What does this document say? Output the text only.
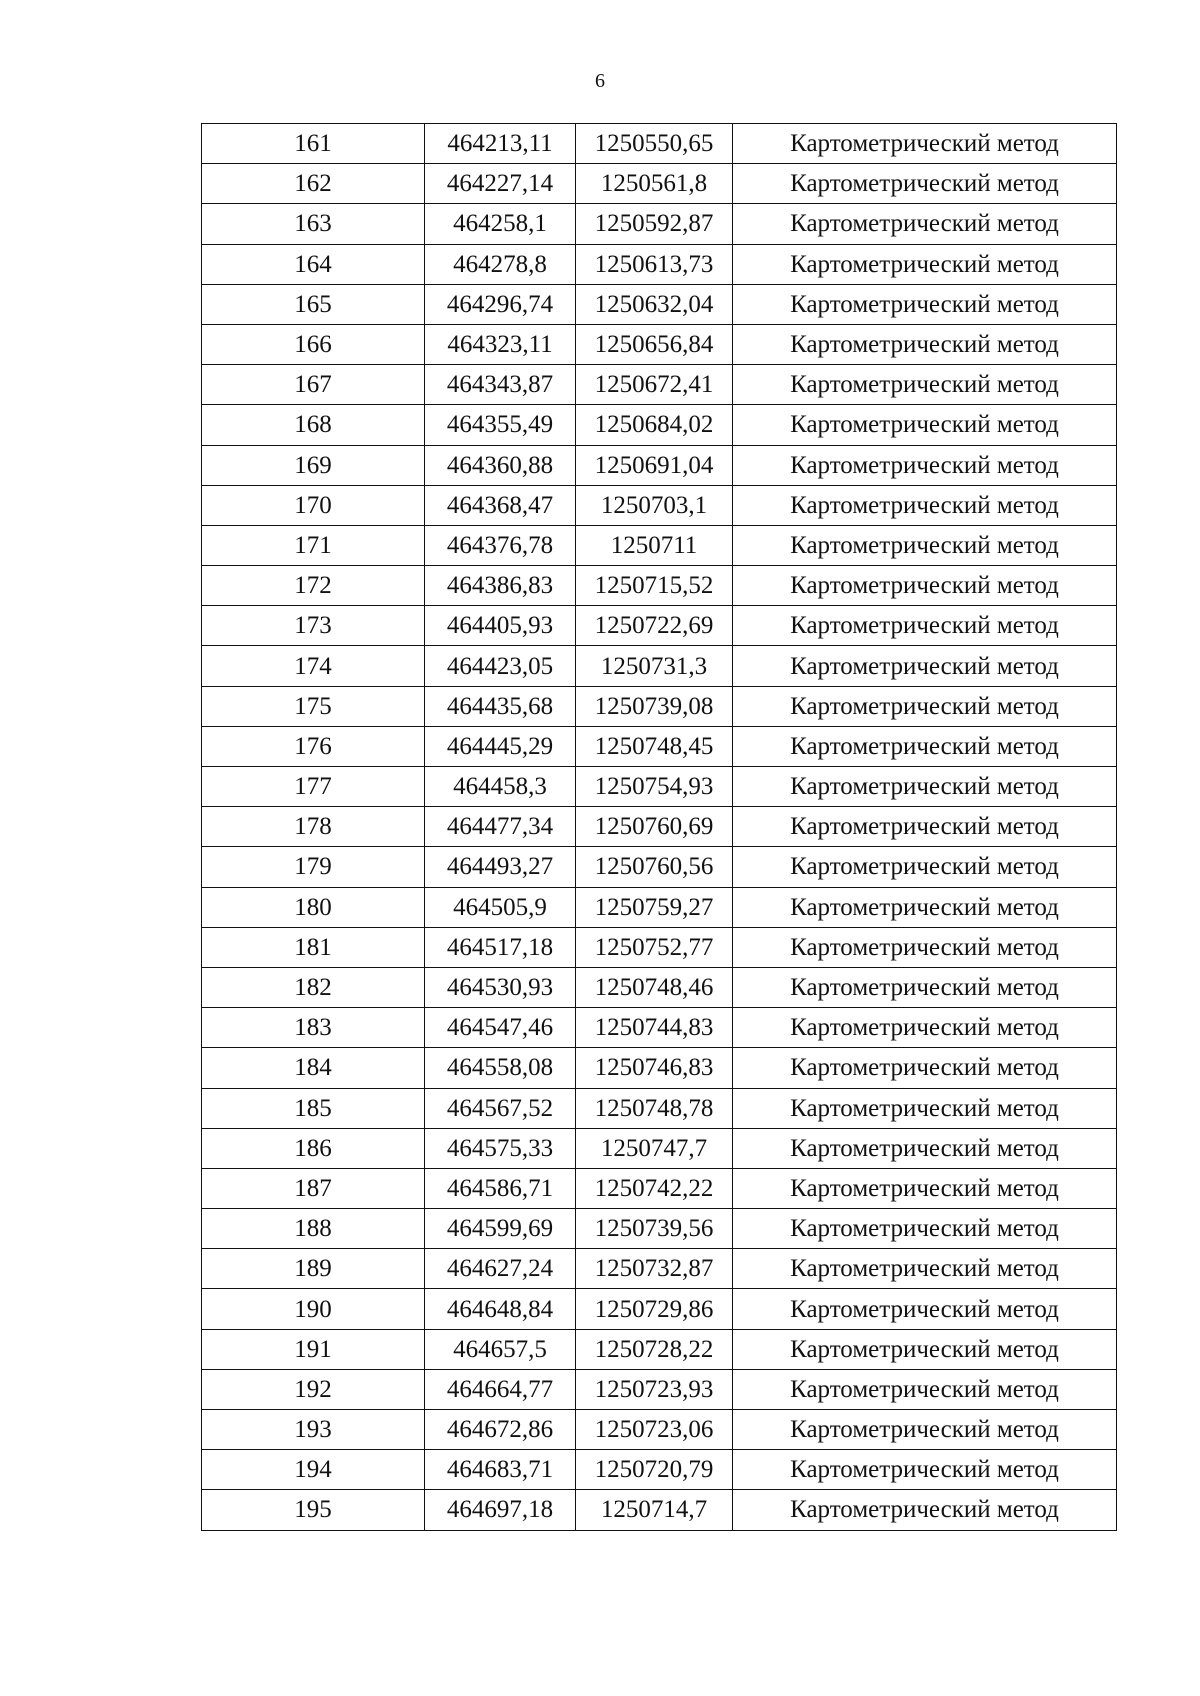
6
161	464213,11	1250550,65	Картометрический метод
162	464227,14	1250561,8	Картометрический метод
163	464258,1	1250592,87	Картометрический метод
164	464278,8	1250613,73	Картометрический метод
165	464296,74	1250632,04	Картометрический метод
166	464323,11	1250656,84	Картометрический метод
167	464343,87	1250672,41	Картометрический метод
168	464355,49	1250684,02	Картометрический метод
169	464360,88	1250691,04	Картометрический метод
170	464368,47	1250703,1	Картометрический метод
171	464376,78	1250711	Картометрический метод
172	464386,83	1250715,52	Картометрический метод
173	464405,93	1250722,69	Картометрический метод
174	464423,05	1250731,3	Картометрический метод
175	464435,68	1250739,08	Картометрический метод
176	464445,29	1250748,45	Картометрический метод
177	464458,3	1250754,93	Картометрический метод
178	464477,34	1250760,69	Картометрический метод
179	464493,27	1250760,56	Картометрический метод
180	464505,9	1250759,27	Картометрический метод
181	464517,18	1250752,77	Картометрический метод
182	464530,93	1250748,46	Картометрический метод
183	464547,46	1250744,83	Картометрический метод
184	464558,08	1250746,83	Картометрический метод
185	464567,52	1250748,78	Картометрический метод
186	464575,33	1250747,7	Картометрический метод
187	464586,71	1250742,22	Картометрический метод
188	464599,69	1250739,56	Картометрический метод
189	464627,24	1250732,87	Картометрический метод
190	464648,84	1250729,86	Картометрический метод
191	464657,5	1250728,22	Картометрический метод
192	464664,77	1250723,93	Картометрический метод
193	464672,86	1250723,06	Картометрический метод
194	464683,71	1250720,79	Картометрический метод
195	464697,18	1250714,7	Картометрический метод
